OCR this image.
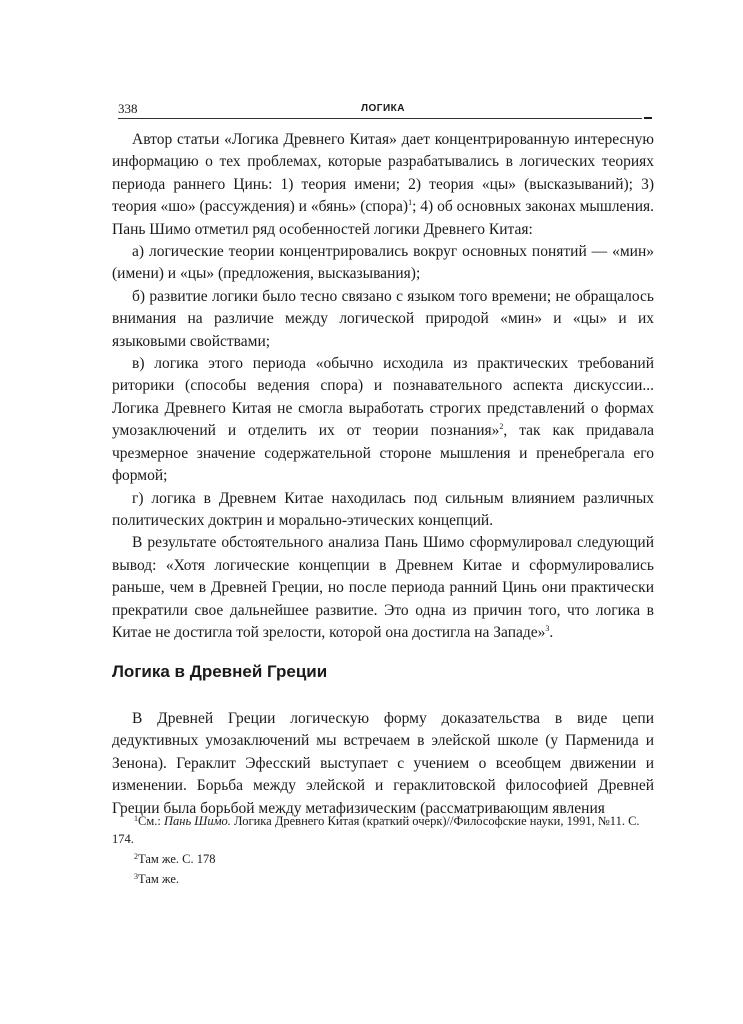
338	ЛОГИКА

Автор статьи «Логика Древнего Китая» дает концентрированную интересную информацию о тех проблемах, которые разрабатывались в логических теориях периода раннего Цинь: 1) теория имени; 2) теория «цы» (высказываний); 3) теория «шо» (рассуждения) и «бянь» (спора)$^1$; 4) об основных законах мышления. Пань Шимо отметил ряд особенностей логики Древнего Китая:

а) логические теории концентрировались вокруг основных понятий — «мин» (имени) и «цы» (предложения, высказывания);

б) развитие логики было тесно связано с языком того времени; не обращалось внимания на различие между логической природой «мин» и «цы» и их языковыми свойствами;

в) логика этого периода «обычно исходила из практических требований риторики (способы ведения спора) и познавательного аспекта дискуссии... Логика Древнего Китая не смогла выработать строгих представлений о формах умозаключений и отделить их от теории познания»$^2$, так как придавала чрезмерное значение содержательной стороне мышления и пренебрегала его формой;

г) логика в Древнем Китае находилась под сильным влиянием различных политических доктрин и морально-этических концепций.

В результате обстоятельного анализа Пань Шимо сформулировал следующий вывод: «Хотя логические концепции в Древнем Китае и сформулировались раньше, чем в Древней Греции, но после периода ранний Цинь они практически прекратили свое дальнейшее развитие. Это одна из причин того, что логика в Китае не достигла той зрелости, которой она достигла на Западе»$^3$.

Логика в Древней Греции

В Древней Греции логическую форму доказательства в виде цепи дедуктивных умозаключений мы встречаем в элейской школе (у Парменида и Зенона). Гераклит Эфесский выступает с учением о всеобщем движении и изменении. Борьба между элейской и гераклитовской философией Древней Греции была борьбой между метафизическим (рассматривающим явления

$^1$См.: Пань Шимо. Логика Древнего Китая (краткий очерк)//Философские науки, 1991, №11. С. 174.

$^2$Там же. С. 178

$^3$Там же.
